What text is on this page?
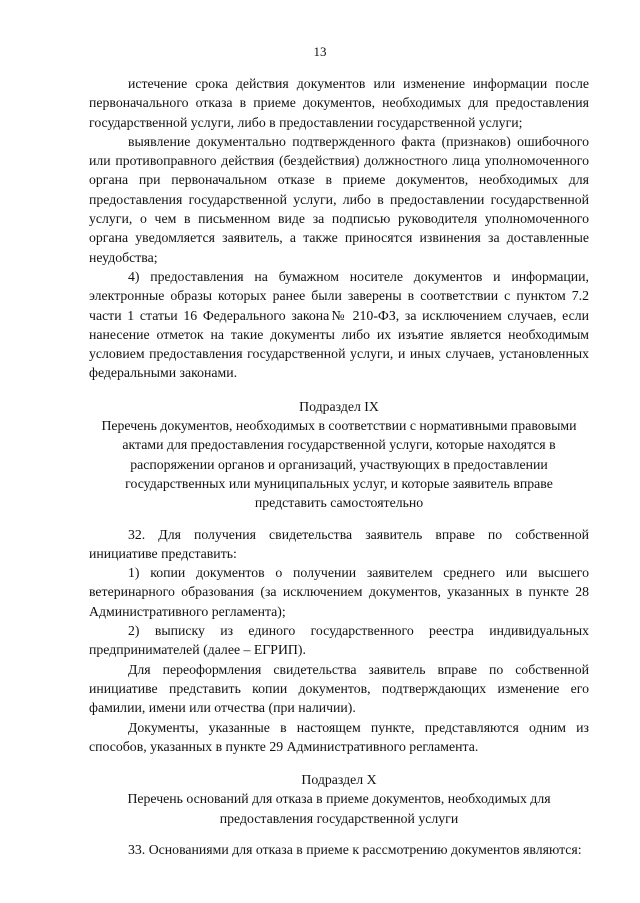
13

истечение срока действия документов или изменение информации после первоначального отказа в приеме документов, необходимых для предоставления государственной услуги, либо в предоставлении государственной услуги;

выявление документально подтвержденного факта (признаков) ошибочного или противоправного действия (бездействия) должностного лица уполномоченного органа при первоначальном отказе в приеме документов, необходимых для предоставления государственной услуги, либо в предоставлении государственной услуги, о чем в письменном виде за подписью руководителя уполномоченного органа уведомляется заявитель, а также приносятся извинения за доставленные неудобства;

4) предоставления на бумажном носителе документов и информации, электронные образы которых ранее были заверены в соответствии с пунктом 7.2 части 1 статьи 16 Федерального закона№ 210-ФЗ, за исключением случаев, если нанесение отметок на такие документы либо их изъятие является необходимым условием предоставления государственной услуги, и иных случаев, установленных федеральными законами.

Подраздел IX

Перечень документов, необходимых в соответствии с нормативными правовыми актами для предоставления государственной услуги, которые находятся в распоряжении органов и организаций, участвующих в предоставлении государственных или муниципальных услуг, и которые заявитель вправе представить самостоятельно

32. Для получения свидетельства заявитель вправе по собственной инициативе представить:

1) копии документов о получении заявителем среднего или высшего ветеринарного образования (за исключением документов, указанных в пункте 28 Административного регламента);

2) выписку из единого государственного реестра индивидуальных предпринимателей (далее – ЕГРИП).

Для переоформления свидетельства заявитель вправе по собственной инициативе представить копии документов, подтверждающих изменение его фамилии, имени или отчества (при наличии).

Документы, указанные в настоящем пункте, представляются одним из способов, указанных в пункте 29 Административного регламента.

Подраздел X

Перечень оснований для отказа в приеме документов, необходимых для предоставления государственной услуги

33. Основаниями для отказа в приеме к рассмотрению документов являются:
